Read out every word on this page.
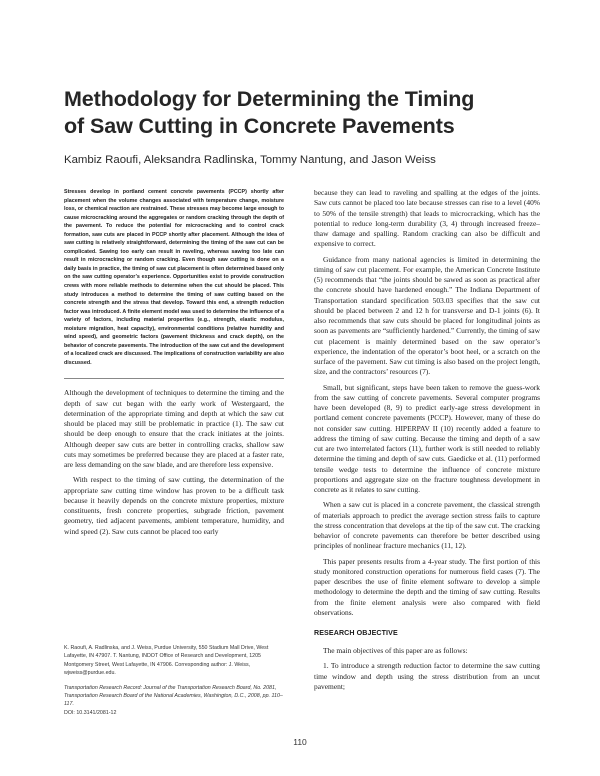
Methodology for Determining the Timing
of Saw Cutting in Concrete Pavements
Kambiz Raoufi, Aleksandra Radlinska, Tommy Nantung, and Jason Weiss

Stresses develop in portland cement concrete pavements (PCCP) shortly after placement when the volume changes associated with temperature change, moisture loss, or chemical reaction are restrained. These stresses may become large enough to cause microcracking around the aggregates or random cracking through the depth of the pavement. To reduce the potential for microcracking and to control crack formation, saw cuts are placed in PCCP shortly after placement. Although the idea of saw cutting is relatively straightforward, determining the timing of the saw cut can be complicated. Sawing too early can result in raveling, whereas sawing too late can result in microcracking or random cracking. Even though saw cutting is done on a daily basis in practice, the timing of saw cut placement is often determined based only on the saw cutting operator’s experience. Opportunities exist to provide construction crews with more reliable methods to determine when the cut should be placed. This study introduces a method to determine the timing of saw cutting based on the concrete strength and the stress that develop. Toward this end, a strength reduction factor was introduced. A finite element model was used to determine the influence of a variety of factors, including material properties (e.g., strength, elastic modulus, moisture migration, heat capacity), environmental conditions (relative humidity and wind speed), and geometric factors (pavement thickness and crack depth), on the behavior of concrete pavements. The introduction of the saw cut and the development of a localized crack are discussed. The implications of construction variability are also discussed.

Although the development of techniques to determine the timing and the depth of saw cut began with the early work of Westergaard, the determination of the appropriate timing and depth at which the saw cut should be placed may still be problematic in practice (1). The saw cut should be deep enough to ensure that the crack initiates at the joints. Although deeper saw cuts are better in controlling cracks, shallow saw cuts may sometimes be preferred because they are placed at a faster rate, are less demanding on the saw blade, and are therefore less expensive.

With respect to the timing of saw cutting, the determination of the appropriate saw cutting time window has proven to be a difficult task because it heavily depends on the concrete mixture properties, mixture constituents, fresh concrete properties, subgrade friction, pavement geometry, tied adjacent pavements, ambient temperature, humidity, and wind speed (2). Saw cuts cannot be placed too early

K. Raoufi, A. Radlinska, and J. Weiss, Purdue University, 550 Stadium Mall Drive, West Lafayette, IN 47907. T. Nantung, INDOT Office of Research and Development, 1205 Montgomery Street, West Lafayette, IN 47906. Corresponding author: J. Weiss, wjweiss@purdue.edu.

Transportation Research Record: Journal of the Transportation Research Board, No. 2081, Transportation Research Board of the National Academies, Washington, D.C., 2008, pp. 110–117.

DOI: 10.3141/2081-12

because they can lead to raveling and spalling at the edges of the joints. Saw cuts cannot be placed too late because stresses can rise to a level (40% to 50% of the tensile strength) that leads to microcracking, which has the potential to reduce long-term durability (3, 4) through increased freeze–thaw damage and spalling. Random cracking can also be difficult and expensive to correct.

Guidance from many national agencies is limited in determining the timing of saw cut placement. For example, the American Concrete Institute (5) recommends that “the joints should be sawed as soon as practical after the concrete should have hardened enough.” The Indiana Department of Transportation standard specification 503.03 specifies that the saw cut should be placed between 2 and 12 h for transverse and D-1 joints (6). It also recommends that saw cuts should be placed for longitudinal joints as soon as pavements are “sufficiently hardened.” Currently, the timing of saw cut placement is mainly determined based on the saw operator’s experience, the indentation of the operator’s boot heel, or a scratch on the surface of the pavement. Saw cut timing is also based on the project length, size, and the contractors’ resources (7).

Small, but significant, steps have been taken to remove the guess-work from the saw cutting of concrete pavements. Several computer programs have been developed (8, 9) to predict early-age stress development in portland cement concrete pavements (PCCP). However, many of these do not consider saw cutting. HIPERPAV II (10) recently added a feature to address the timing of saw cutting. Because the timing and depth of a saw cut are two interrelated factors (11), further work is still needed to reliably determine the timing and depth of saw cuts. Gaedicke et al. (11) performed tensile wedge tests to determine the influence of concrete mixture proportions and aggregate size on the fracture toughness development in concrete as it relates to saw cutting.

When a saw cut is placed in a concrete pavement, the classical strength of materials approach to predict the average section stress fails to capture the stress concentration that develops at the tip of the saw cut. The cracking behavior of concrete pavements can therefore be better described using principles of nonlinear fracture mechanics (11, 12).

This paper presents results from a 4-year study. The first portion of this study monitored construction operations for numerous field cases (7). The paper describes the use of finite element software to develop a simple methodology to determine the depth and the timing of saw cutting. Results from the finite element analysis were also compared with field observations.

RESEARCH OBJECTIVE

The main objectives of this paper are as follows:

1. To introduce a strength reduction factor to determine the saw cutting time window and depth using the stress distribution from an uncut pavement;

110
